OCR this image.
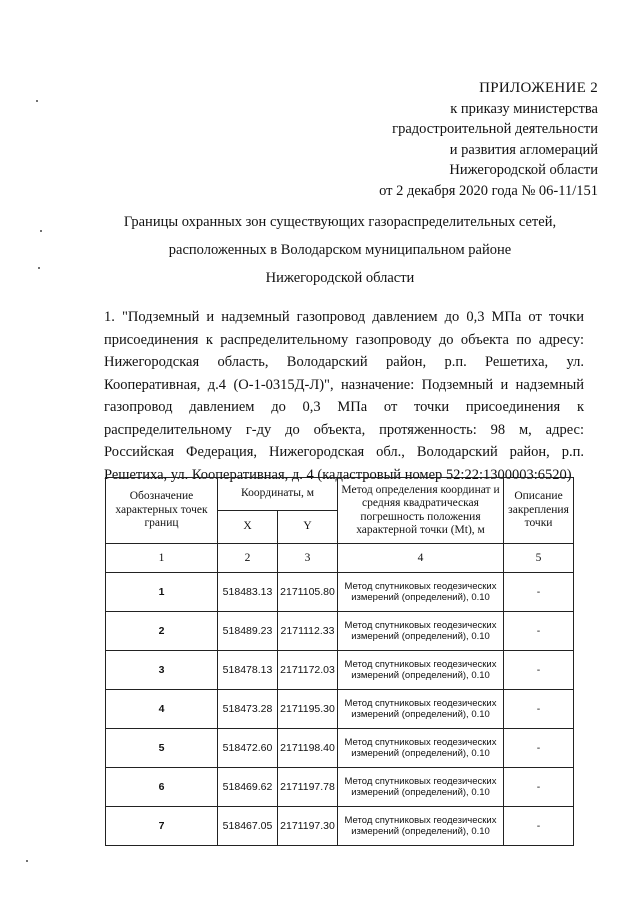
ПРИЛОЖЕНИЕ 2
к приказу министерства
градостроительной деятельности
и развития агломераций
Нижегородской области
от 2 декабря 2020 года № 06-11/151
Границы охранных зон существующих газораспределительных сетей,
расположенных в Володарском муниципальном районе
Нижегородской области
1. "Подземный и надземный газопровод давлением до 0,3 МПа от точки присоединения к распределительному газопроводу до объекта по адресу: Нижегородская область, Володарский район, р.п. Решетиха, ул. Кооперативная, д.4 (О-1-0315Д-Л)", назначение: Подземный и надземный газопровод давлением до 0,3 МПа от точки присоединения к распределительному г-ду до объекта, протяженность: 98 м, адрес: Российская Федерация, Нижегородская обл., Володарский район, р.п. Решетиха, ул. Кооперативная, д. 4 (кадастровый номер 52:22:1300003:6520)
Обозначение характерных точек границ	Координаты, м		Метод определения координат и средняя квадратическая погрешность положения характерной точки (Mt), м	Описание закрепления точки
	X	Y		
1	2	3	4	5
1	518483.13	2171105.80	Метод спутниковых геодезических измерений (определений), 0.10	-
2	518489.23	2171112.33	Метод спутниковых геодезических измерений (определений), 0.10	-
3	518478.13	2171172.03	Метод спутниковых геодезических измерений (определений), 0.10	-
4	518473.28	2171195.30	Метод спутниковых геодезических измерений (определений), 0.10	-
5	518472.60	2171198.40	Метод спутниковых геодезических измерений (определений), 0.10	-
6	518469.62	2171197.78	Метод спутниковых геодезических измерений (определений), 0.10	-
7	518467.05	2171197.30	Метод спутниковых геодезических измерений (определений), 0.10	-
